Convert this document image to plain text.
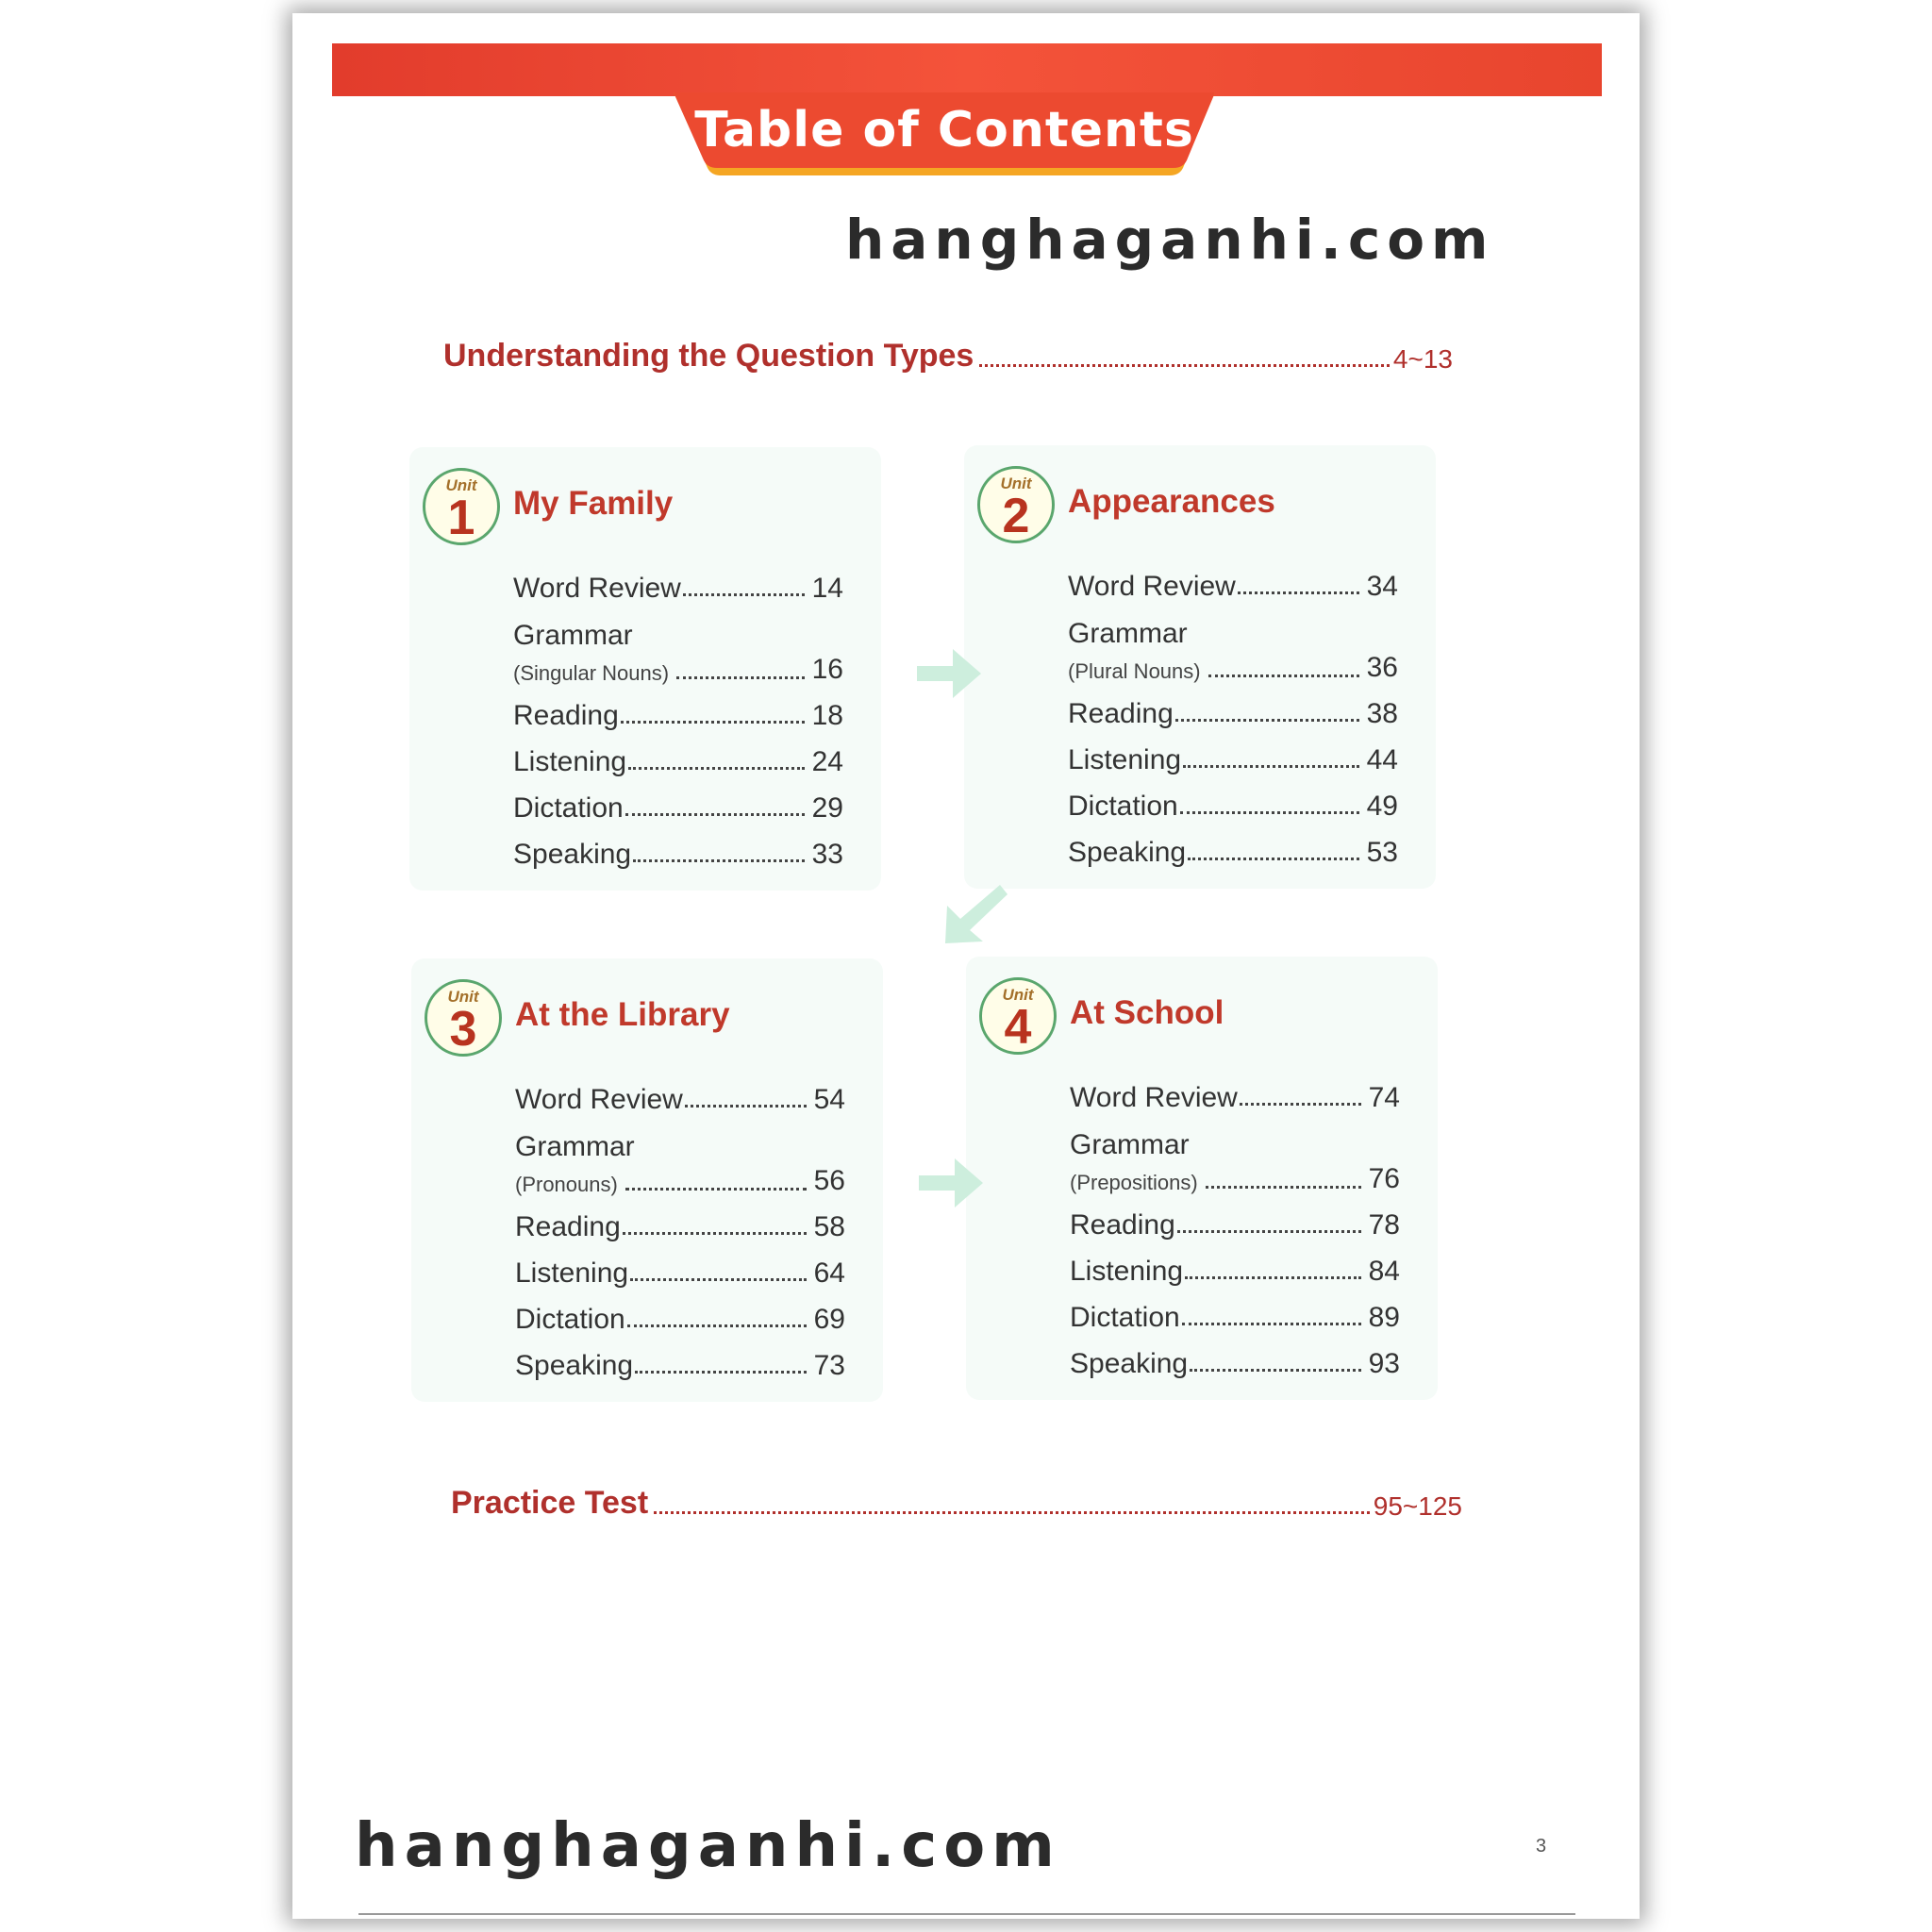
Table of Contents
hanghaganhi.com
Understanding the Question Types	4~13
Unit
1	My Family
Word Review	14
Grammar
(Singular Nouns)	16
Reading	18
Listening	24
Dictation	29
Speaking	33
Unit
2	Appearances
Word Review	34
Grammar
(Plural Nouns)	36
Reading	38
Listening	44
Dictation	49
Speaking	53
Unit
3	At the Library
Word Review	54
Grammar
(Pronouns)	56
Reading	58
Listening	64
Dictation	69
Speaking	73
Unit
4	At School
Word Review	74
Grammar
(Prepositions)	76
Reading	78
Listening	84
Dictation	89
Speaking	93
Practice Test	95~125
3
hanghaganhi.com
